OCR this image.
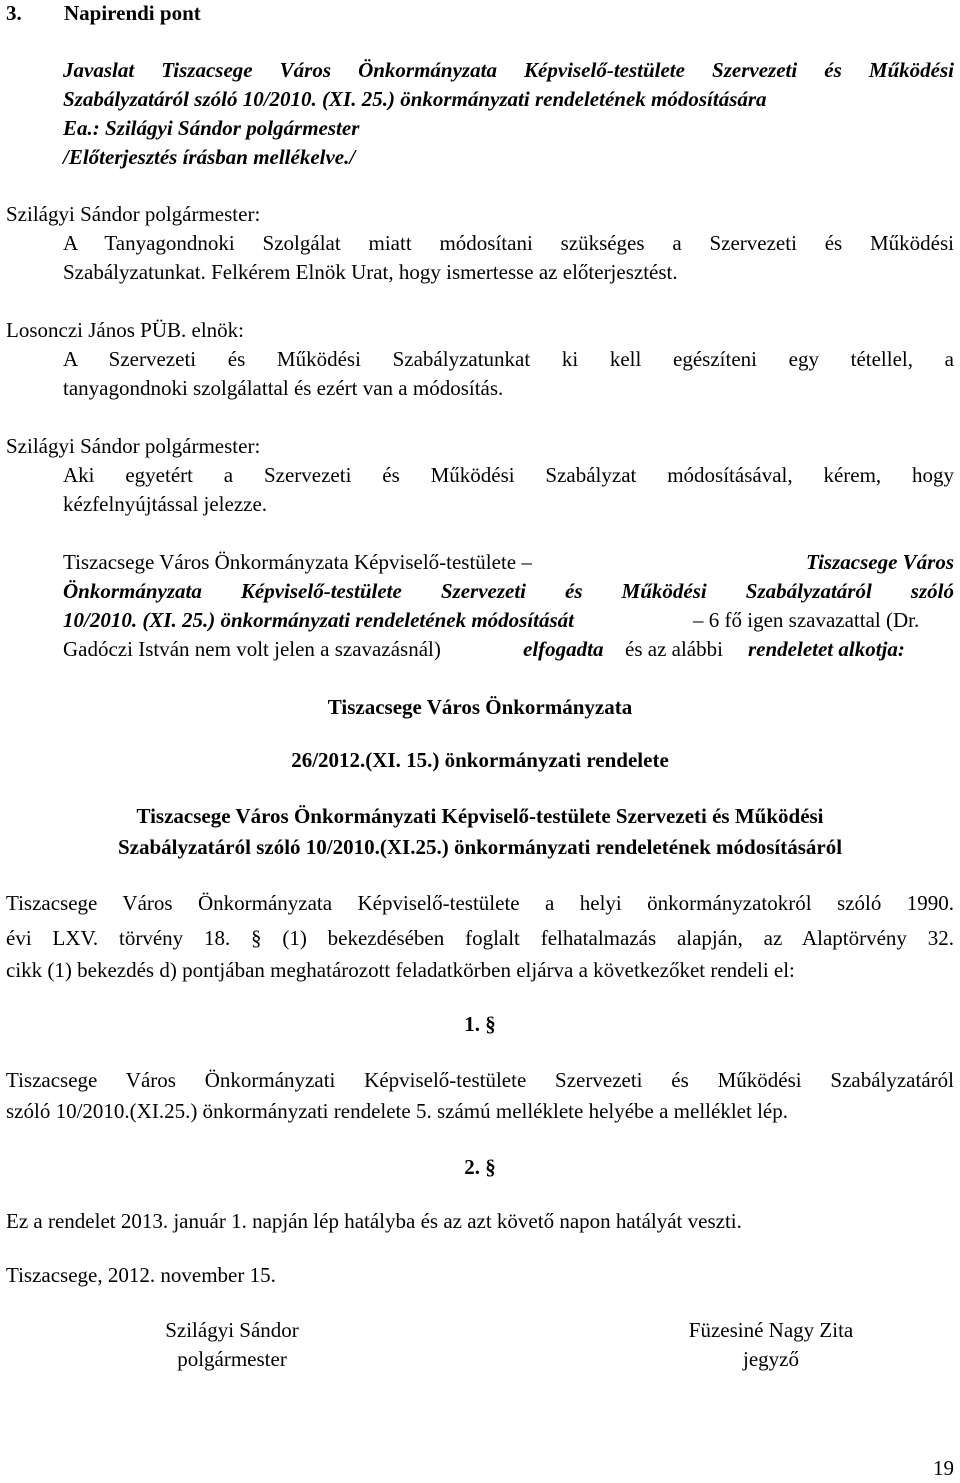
3. Napirendi pont
Javaslat Tiszacsege Város Önkormányzata Képviselő-testülete Szervezeti és Működési
Szabályzatáról szóló 10/2010. (XI. 25.) önkormányzati rendeletének módosítására
Ea.: Szilágyi Sándor polgármester
/Előterjesztés írásban mellékelve./
Szilágyi Sándor polgármester:
A Tanyagondnoki Szolgálat miatt módosítani szükséges a Szervezeti és Működési
Szabályzatunkat. Felkérem Elnök Urat, hogy ismertesse az előterjesztést.
Losonczi János PÜB. elnök:
A Szervezeti és Működési Szabályzatunkat ki kell egészíteni egy tétellel, a
tanyagondnoki szolgálattal és ezért van a módosítás.
Szilágyi Sándor polgármester:
Aki egyetért a Szervezeti és Működési Szabályzat módosításával, kérem, hogy
kézfelnyújtással jelezze.
Tiszacsege Város Önkormányzata Képviselő-testülete –	Tiszacsege Város
Önkormányzata Képviselő-testülete Szervezeti és Működési Szabályzatáról szóló
10/2010. (XI. 25.) önkormányzati rendeletének módosítását	– 6 fő igen szavazattal (Dr.
Gadóczi István nem volt jelen a szavazásnál)	elfogadta és az alábbi rendeletet alkotja:
Tiszacsege Város Önkormányzata
26/2012.(XI. 15.) önkormányzati rendelete
Tiszacsege Város Önkormányzati Képviselő-testülete Szervezeti és Működési
Szabályzatáról szóló 10/2010.(XI.25.) önkormányzati rendeletének módosításáról
Tiszacsege Város Önkormányzata Képviselő-testülete a helyi önkormányzatokról szóló 1990.
évi LXV. törvény 18. § (1) bekezdésében foglalt felhatalmazás alapján, az Alaptörvény 32.
cikk (1) bekezdés d) pontjában meghatározott feladatkörben eljárva a következőket rendeli el:
1. §
Tiszacsege Város Önkormányzati Képviselő-testülete Szervezeti és Működési Szabályzatáról
szóló 10/2010.(XI.25.) önkormányzati rendelete 5. számú melléklete helyébe a melléklet lép.
2. §
Ez a rendelet 2013. január 1. napján lép hatályba és az azt követő napon hatályát veszti.
Tiszacsege, 2012. november 15.
Szilágyi Sándor
polgármester
Füzesiné Nagy Zita
jegyző
19
